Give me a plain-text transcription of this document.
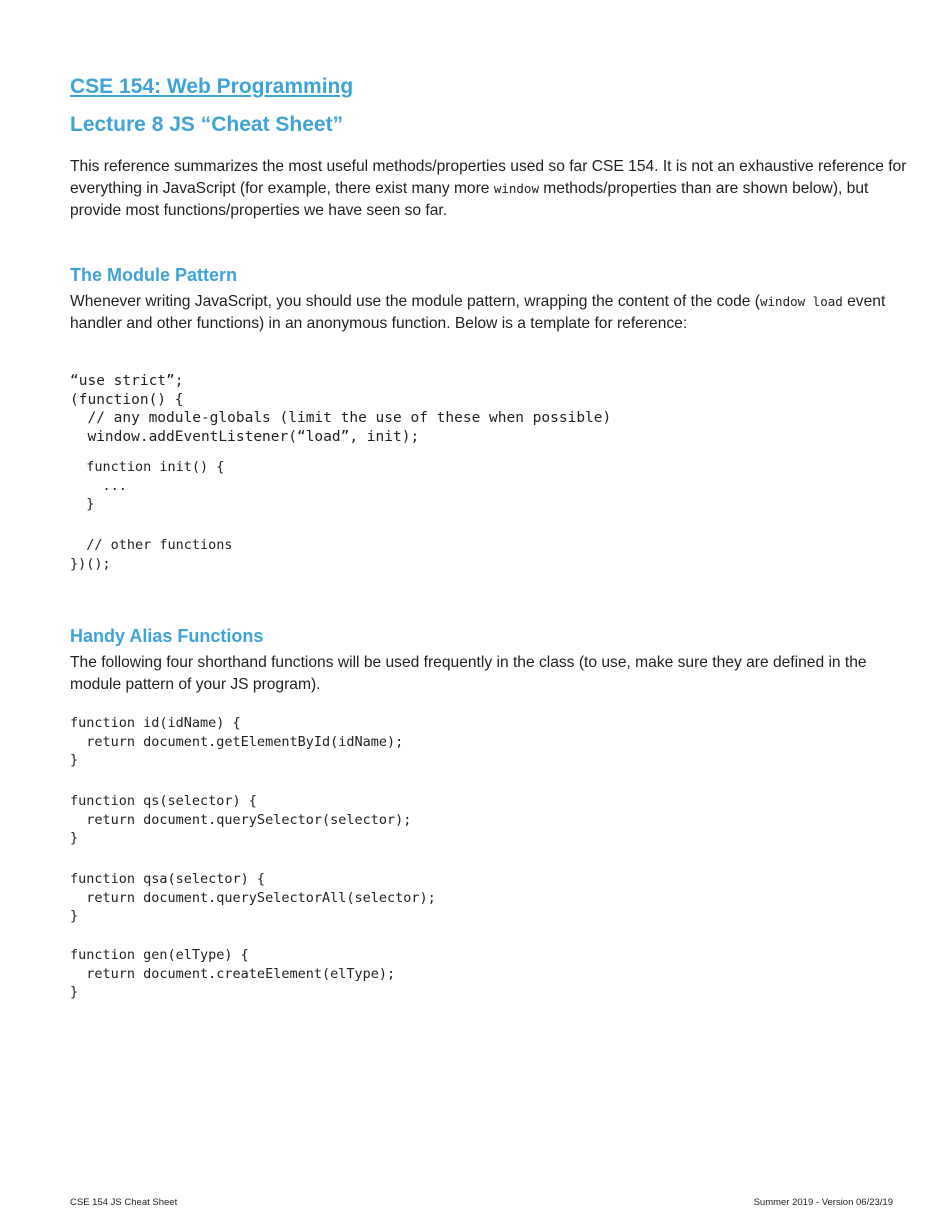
CSE 154: Web Programming
Lecture 8 JS “Cheat Sheet”

This reference summarizes the most useful methods/properties used so far CSE 154. It is not an exhaustive reference for everything in JavaScript (for example, there exist many more window methods/properties than are shown below), but provide most functions/properties we have seen so far.

The Module Pattern

Whenever writing JavaScript, you should use the module pattern, wrapping the content of the code (window load event handler and other functions) in an anonymous function. Below is a template for reference:

“use strict”;
(function() {
// any module-globals (limit the use of these when possible)
window.addEventListener(“load”, init);
function init() {
...
}
// other functions
})();
Handy Alias Functions

The following four shorthand functions will be used frequently in the class (to use, make sure they are defined in the module pattern of your JS program).

function id(idName) {
return document.getElementById(idName);
}
function qs(selector) {
return document.querySelector(selector);
}
function qsa(selector) {
return document.querySelectorAll(selector);
}
function gen(elType) {
return document.createElement(elType);
}
CSE 154 JS Cheat Sheet	Summer 2019 - Version 06/23/19
